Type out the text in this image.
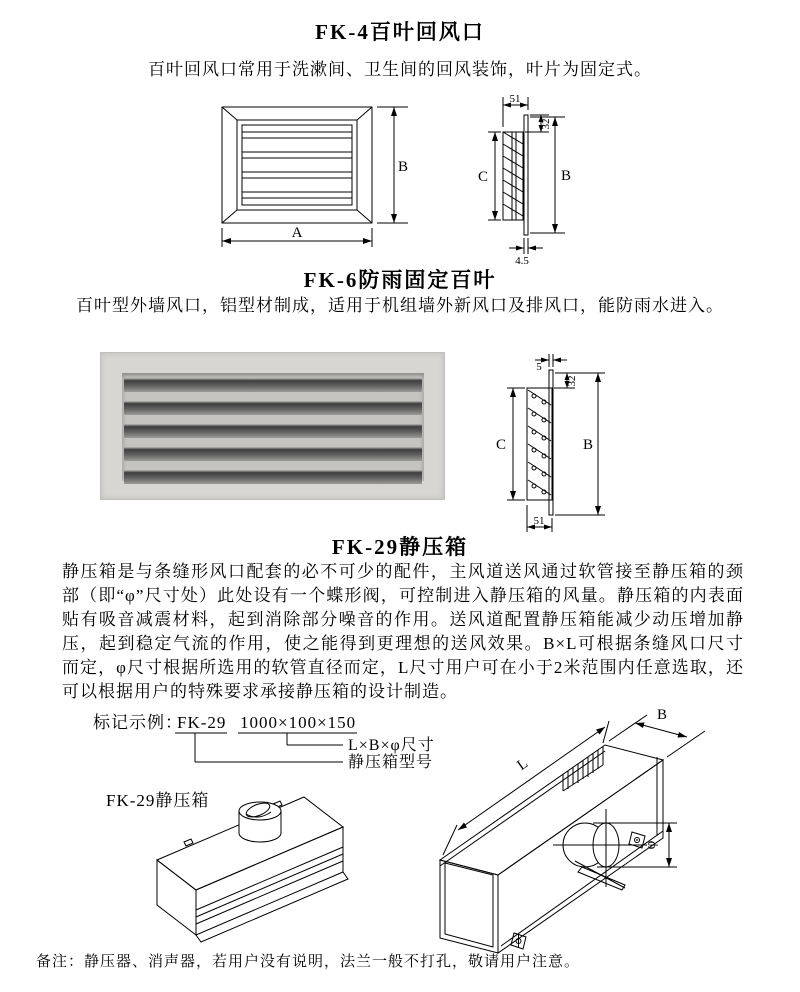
FK-4百叶回风口
百叶回风口常用于洗漱间、卫生间的回风装饰，叶片为固定式。
A
B
51
32
C	B
4.5
FK-6防雨固定百叶
百叶型外墙风口，铝型材制成，适用于机组墙外新风口及排风口，能防雨水进入。
5
32
C	B
51
FK-29静压箱
静压箱是与条缝形风口配套的必不可少的配件，主风道送风通过软管接至静压箱的颈部（即“φ”尺寸处）此处设有一个蝶形阀，可控制进入静压箱的风量。静压箱的内表面贴有吸音减震材料，起到消除部分噪音的作用。送风道配置静压箱能减少动压增加静压，起到稳定气流的作用，使之能得到更理想的送风效果。B×L可根据条缝风口尺寸而定，φ尺寸根据所选用的软管直径而定，L尺寸用户可在小于2米范围内任意选取，还可以根据用户的特殊要求承接静压箱的设计制造。
标记示例：
FK-29 1000×100×150
L×B×φ尺寸
静压箱型号
FK-29静压箱
L
B
φ
备注：静压器、消声器，若用户没有说明，法兰一般不打孔，敬请用户注意。
